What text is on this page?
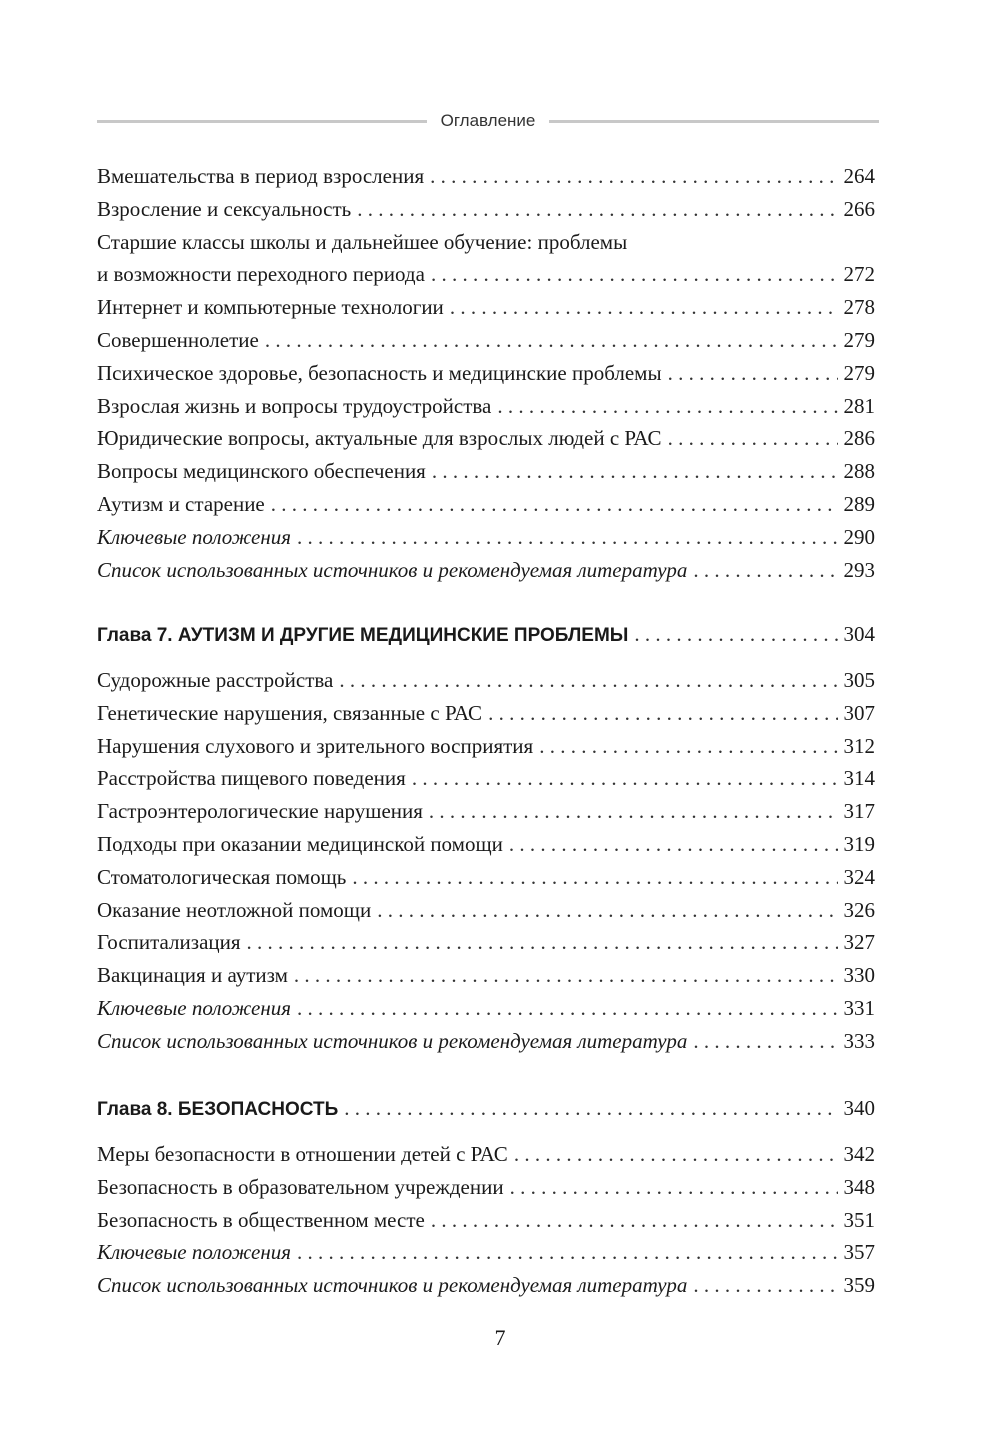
Оглавление
Вмешательства в период взросления . . .	264
Взросление и сексуальность . . .	266
Старшие классы школы и дальнейшее обучение: проблемы
и возможности переходного периода . . .	272
Интернет и компьютерные технологии . . .	278
Совершеннолетие . . .	279
Психическое здоровье, безопасность и медицинские проблемы . . .	279
Взрослая жизнь и вопросы трудоустройства . . .	281
Юридические вопросы, актуальные для взрослых людей с РАС . . .	286
Вопросы медицинского обеспечения . . .	288
Аутизм и старение . . .	289
Ключевые положения . . .	290
Список использованных источников и рекомендуемая литература . . .	293
Глава 7. АУТИЗМ И ДРУГИЕ МЕДИЦИНСКИЕ ПРОБЛЕМЫ . . .	304
Судорожные расстройства . . .	305
Генетические нарушения, связанные с РАС . . .	307
Нарушения слухового и зрительного восприятия . . .	312
Расстройства пищевого поведения . . .	314
Гастроэнтерологические нарушения . . .	317
Подходы при оказании медицинской помощи . . .	319
Стоматологическая помощь . . .	324
Оказание неотложной помощи . . .	326
Госпитализация . . .	327
Вакцинация и аутизм . . .	330
Ключевые положения . . .	331
Список использованных источников и рекомендуемая литература . . .	333
Глава 8. БЕЗОПАСНОСТЬ . . .	340
Меры безопасности в отношении детей с РАС . . .	342
Безопасность в образовательном учреждении . . .	348
Безопасность в общественном месте . . .	351
Ключевые положения . . .	357
Список использованных источников и рекомендуемая литература . . .	359
7
